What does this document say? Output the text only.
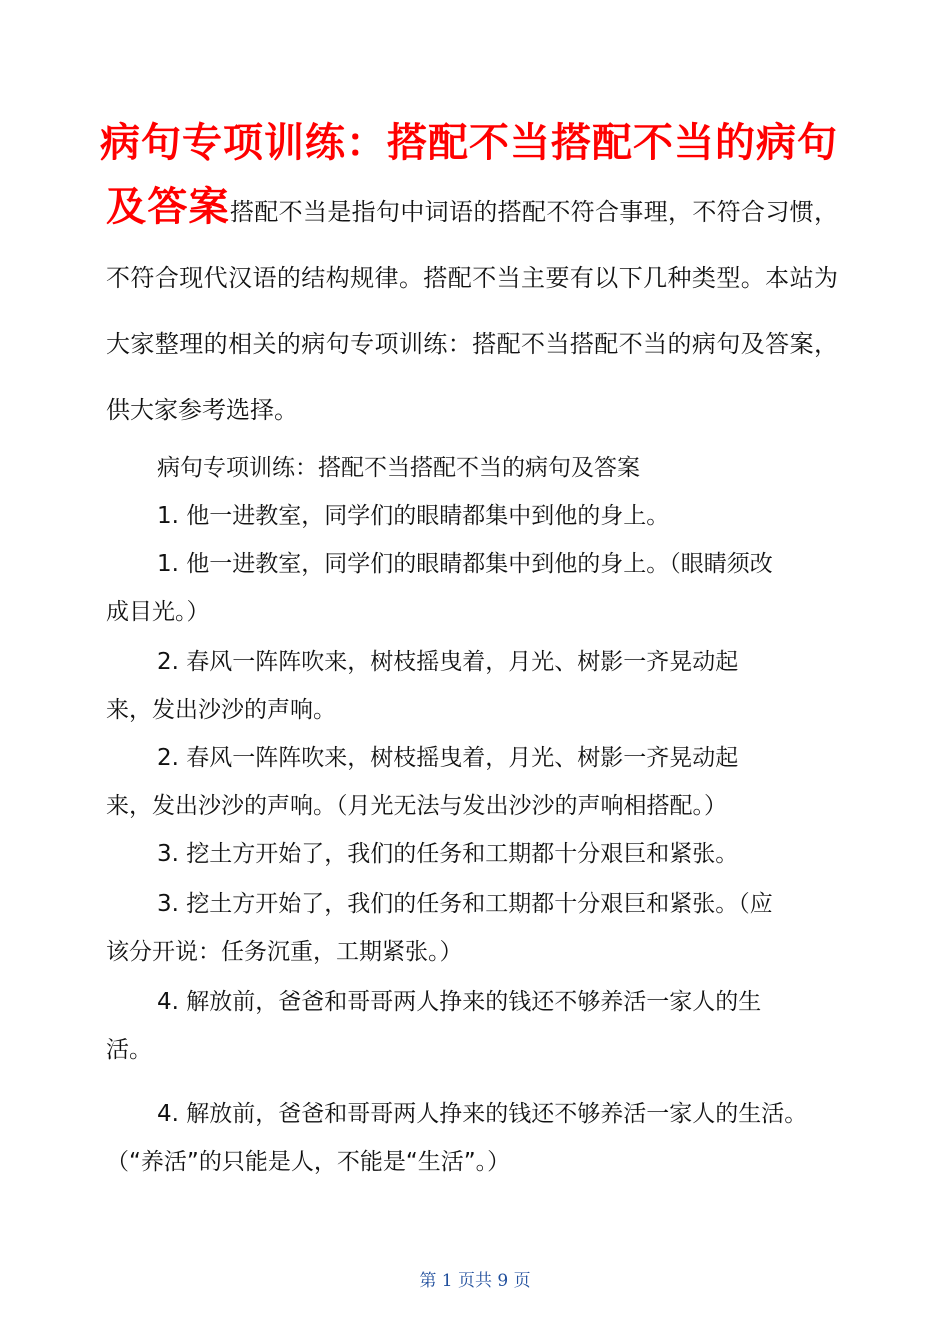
病句专项训练：搭配不当搭配不当的病句
及答案搭配不当是指句中词语的搭配不符合事理，不符合习惯，不符合现代汉语的结构规律。搭配不当主要有以下几种类型。本站为大家整理的相关的病句专项训练：搭配不当搭配不当的病句及答案，供大家参考选择。
病句专项训练：搭配不当搭配不当的病句及答案
1. 他一进教室，同学们的眼睛都集中到他的身上。
1. 他一进教室，同学们的眼睛都集中到他的身上。（眼睛须改
成目光。）
2. 春风一阵阵吹来，树枝摇曳着，月光、树影一齐晃动起
来，发出沙沙的声响。
2. 春风一阵阵吹来，树枝摇曳着，月光、树影一齐晃动起
来，发出沙沙的声响。（月光无法与发出沙沙的声响相搭配。）
3. 挖土方开始了，我们的任务和工期都十分艰巨和紧张。
3. 挖土方开始了，我们的任务和工期都十分艰巨和紧张。（应
该分开说：任务沉重，工期紧张。）
4. 解放前，爸爸和哥哥两人挣来的钱还不够养活一家人的生
活。
4. 解放前，爸爸和哥哥两人挣来的钱还不够养活一家人的生活。
（“养活”的只能是人，不能是“生活”。）
第 1 页共 9 页
